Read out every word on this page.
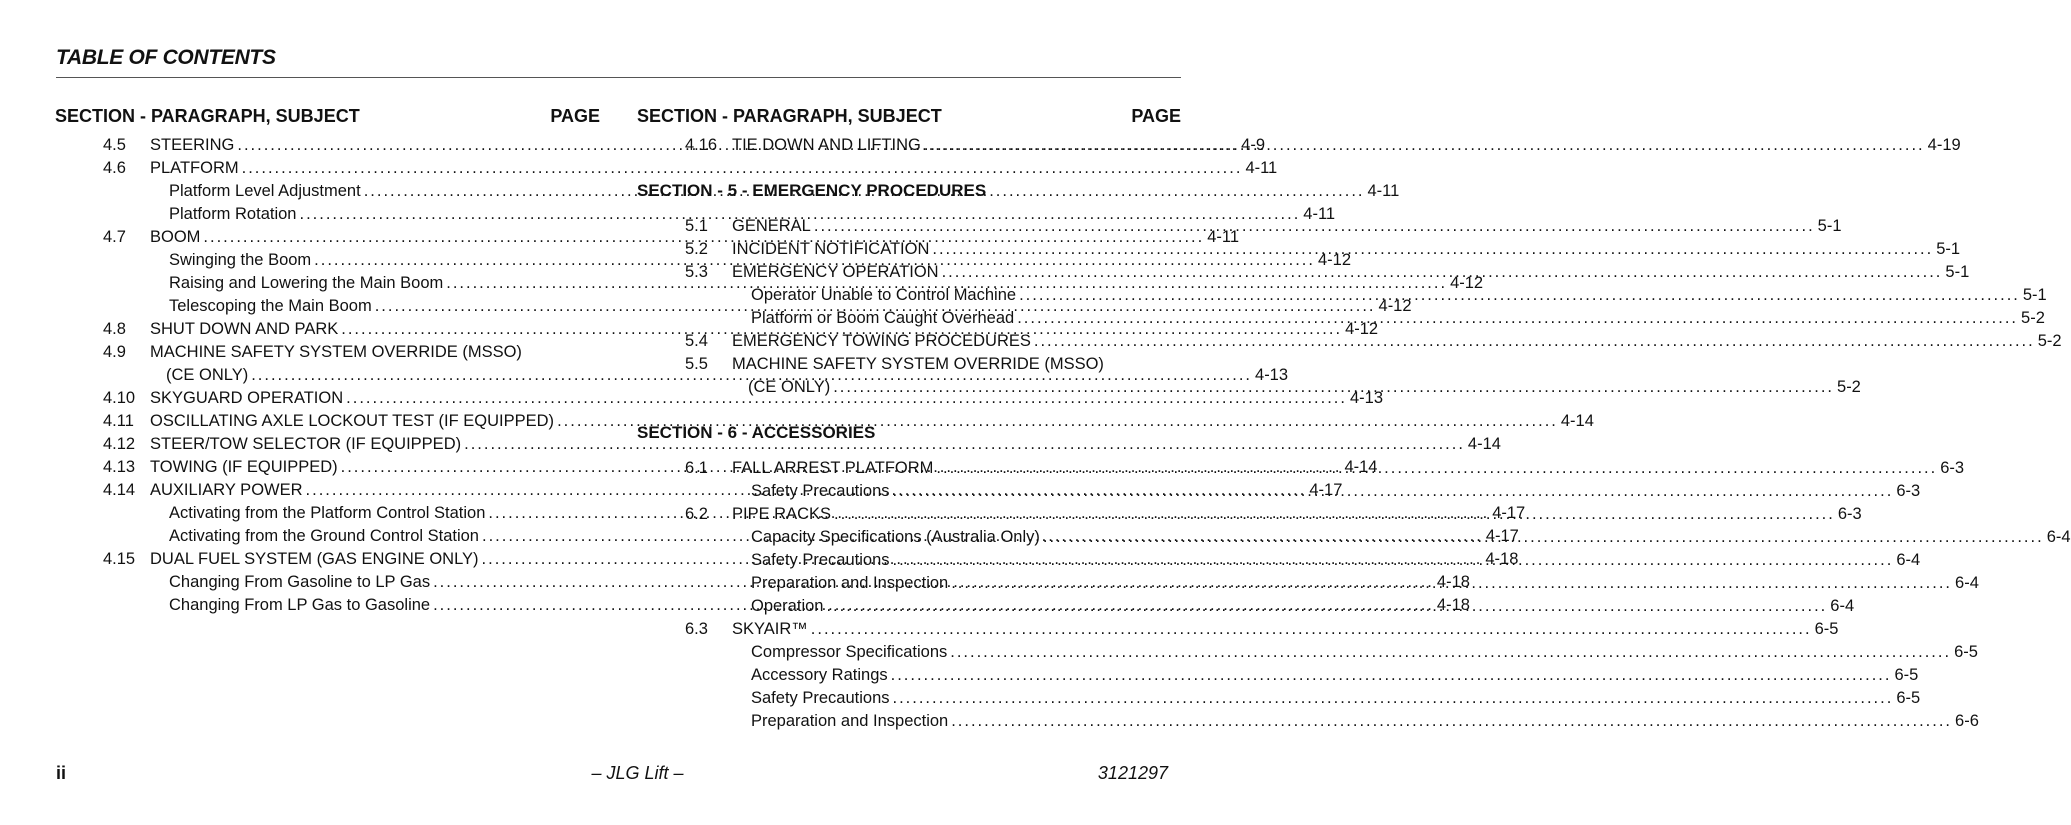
TABLE OF CONTENTS
SECTION - PARAGRAPH, SUBJECT	PAGE
4.5	STEERING .....	4-9
4.6	PLATFORM .....	4-11
Platform Level Adjustment .....	4-11
Platform Rotation .....	4-11
4.7	BOOM .....	4-11
Swinging the Boom .....	4-12
Raising and Lowering the Main Boom .....	4-12
Telescoping the Main Boom .....	4-12
4.8	SHUT DOWN AND PARK .....	4-12
4.9	MACHINE SAFETY SYSTEM OVERRIDE (MSSO)
(CE ONLY) .....	4-13
4.10 SKYGUARD OPERATION .....	4-13
4.11 OSCILLATING AXLE LOCKOUT TEST (IF EQUIPPED) .....	4-14
4.12 STEER/TOW SELECTOR (IF EQUIPPED) .....	4-14
4.13 TOWING (IF EQUIPPED) .....	4-14
4.14 AUXILIARY POWER .....	4-17
Activating from the Platform Control Station .....	4-17
Activating from the Ground Control Station .....	4-17
4.15 DUAL FUEL SYSTEM (GAS ENGINE ONLY) .....	4-18
Changing From Gasoline to LP Gas .....	4-18
Changing From LP Gas to Gasoline .....	4-18
SECTION - PARAGRAPH, SUBJECT	PAGE
4.16 TIE DOWN AND LIFTING .....	4-19
SECTION - 5 - EMERGENCY PROCEDURES
5.1	GENERAL .....	5-1
5.2	INCIDENT NOTIFICATION .....	5-1
5.3	EMERGENCY OPERATION .....	5-1
Operator Unable to Control Machine .....	5-1
Platform or Boom Caught Overhead .....	5-2
5.4	EMERGENCY TOWING PROCEDURES .....	5-2
5.5	MACHINE SAFETY SYSTEM OVERRIDE (MSSO)
(CE ONLY) .....	5-2
SECTION - 6 - ACCESSORIES
6.1	FALL ARREST PLATFORM .....	6-3
Safety Precautions .....	6-3
6.2	PIPE RACKS .....	6-3
Capacity Specifications (Australia Only) .....	6-4
Safety Precautions .....	6-4
Preparation and Inspection .....	6-4
Operation .....	6-4
6.3	SKYAIR™ .....	6-5
Compressor Specifications .....	6-5
Accessory Ratings .....	6-5
Safety Precautions .....	6-5
Preparation and Inspection .....	6-6
ii	– JLG Lift –	3121297
